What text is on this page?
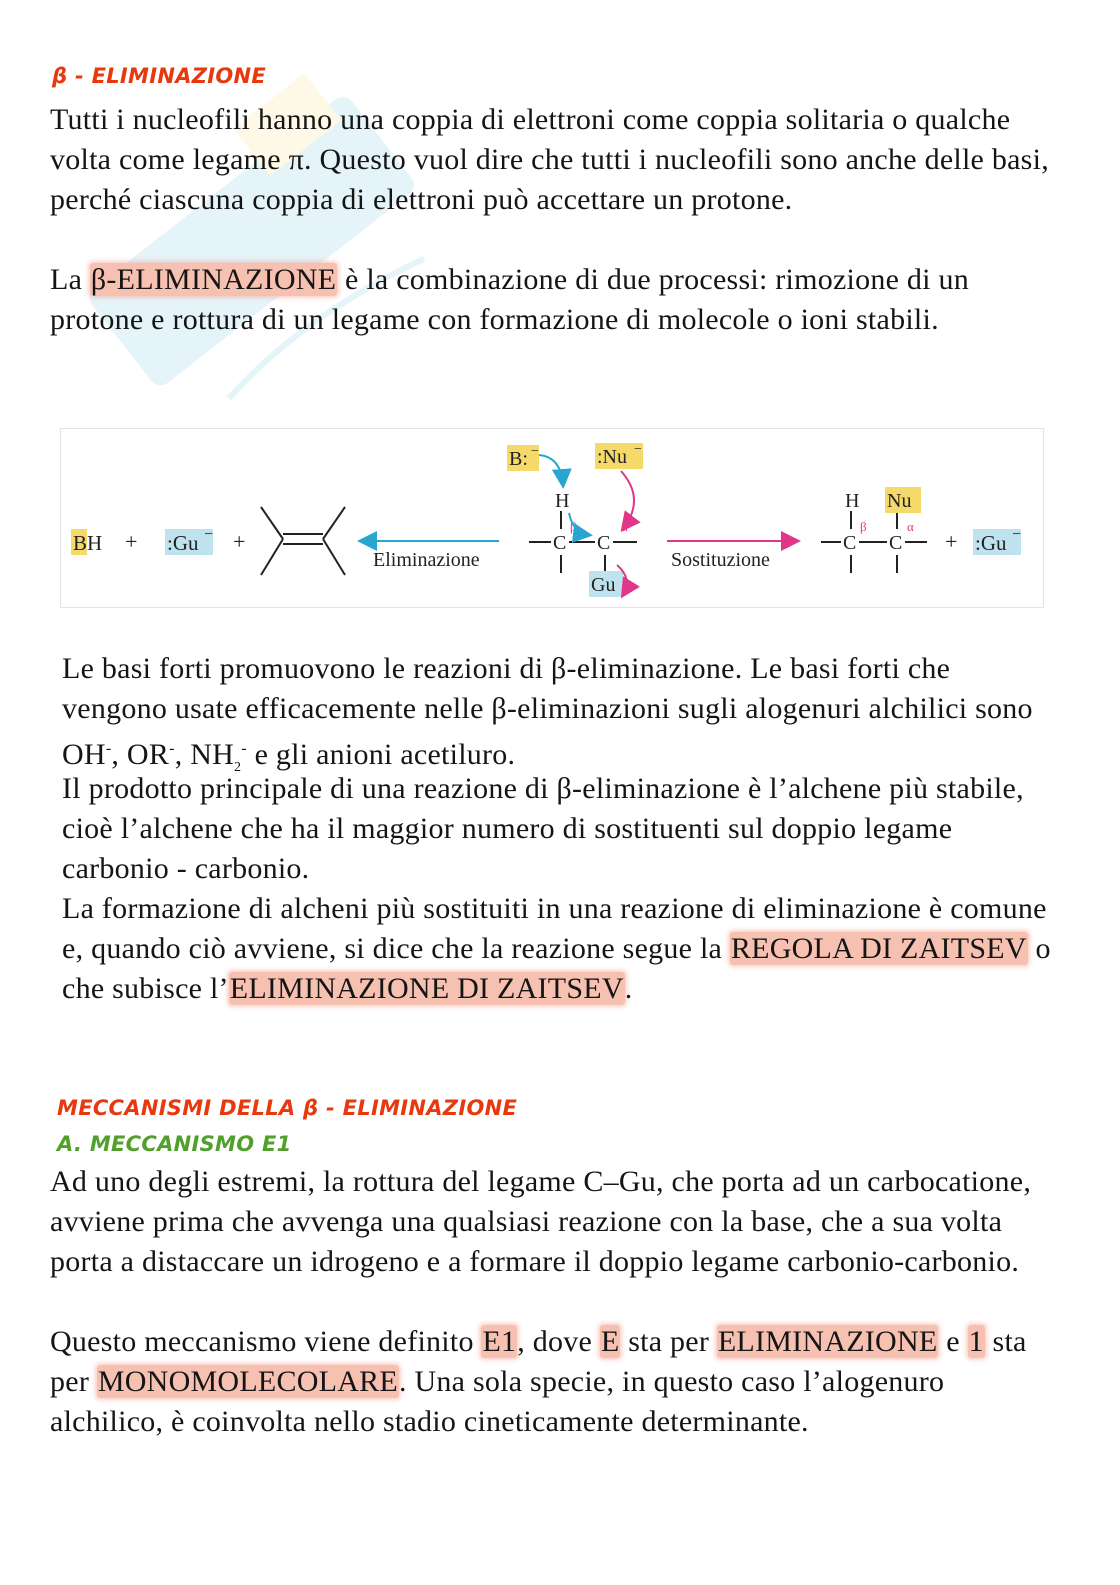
β - ELIMINAZIONE

Tutti i nucleofili hanno una coppia di elettroni come coppia solitaria o qualche volta come legame π. Questo vuol dire che tutti i nucleofili sono anche delle basi, perché ciascuna coppia di elettroni può accettare un protone.

La β-ELIMINAZIONE è la combinazione di due processi: rimozione di un protone e rottura di un legame con formazione di molecole o ioni stabili.

BH + :Gu − +
Eliminazione
B: −	:Nu −
H
C C
β	α
Gu
Sostituzione
H Nu
C C
β	α
+ :Gu −

Le basi forti promuovono le reazioni di β-eliminazione. Le basi forti che vengono usate efficacemente nelle β-eliminazioni sugli alogenuri alchilici sono OH-, OR-, $NH_2^-$ e gli anioni acetiluro.

Il prodotto principale di una reazione di β-eliminazione è l’alchene più stabile, cioè l’alchene che ha il maggior numero di sostituenti sul doppio legame carbonio - carbonio.

La formazione di alcheni più sostituiti in una reazione di eliminazione è comune e, quando ciò avviene, si dice che la reazione segue la REGOLA DI ZAITSEV o che subisce l’ELIMINAZIONE DI ZAITSEV.

MECCANISMI DELLA β - ELIMINAZIONE
A. MECCANISMO E1

Ad uno degli estremi, la rottura del legame C–Gu, che porta ad un carbocatione, avviene prima che avvenga una qualsiasi reazione con la base, che a sua volta porta a distaccare un idrogeno e a formare il doppio legame carbonio-carbonio.

Questo meccanismo viene definito E1, dove E sta per ELIMINAZIONE e 1 sta per MONOMOLECOLARE. Una sola specie, in questo caso l’alogenuro alchilico, è coinvolta nello stadio cineticamente determinante.
